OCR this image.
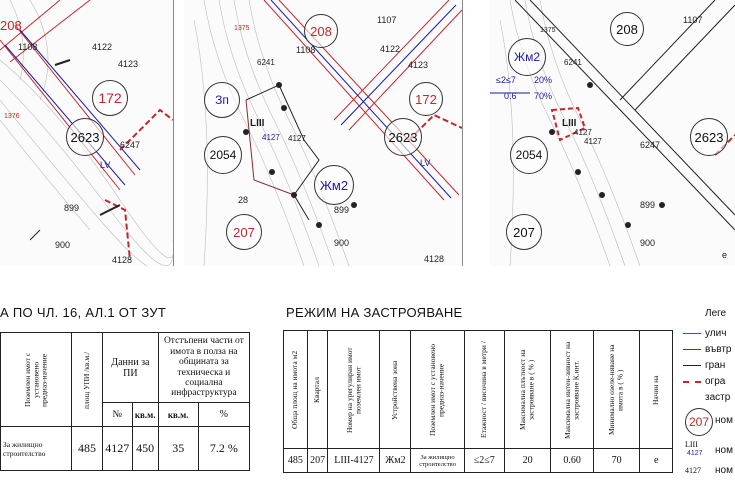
208
1108	4122
4123
172
1376
2623
6247
LV
899
900
4128
208
1107
1108	4122
4123
1375
6241
172
Зп
LIII
4127 4127	2623
2054
Жм2
LV
28
899
207
900
4128
208
1107
1375
Жм2
≤2≤7 20%
0.6 70%
6241
LIII
4127
4127	2623
2054
6247
207
900
899
e
А ПО ЧЛ. 16, АЛ.1 ОТ ЗУТ
Поземлен имот с установено предназ-начение	площ УПИ /кв.м./	Данни за ПИ		Отстъпени части от имота в полза на общината за техническа и социална инфраструктура	
		№	кв.м.	кв.м.	%
За жилищно строителство	485	4127	450	35	7.2 %
РЕЖИМ НА ЗАСТРОЯВАНЕ
Обща площ на имота м2	Квартал	Номер на урегулиран имот поземлен имот	Устройствена зона	Поземлен имот с установено предназ-начение	Етажност / височина в метри /	Максимална плътност на застрояване в ( % )	Максимална интен-зивност на застрояване К.инт.	Минимално озеле-няване на имота в ( % )	Начин на

485	207	LIII-4127	Жм2	За жилищно строителство	≤2≤7	20	0.60	70	e
Леге
улич
въвтр
гран
огра
застр
207 ном
LIII
4127 ном
4127 ном
